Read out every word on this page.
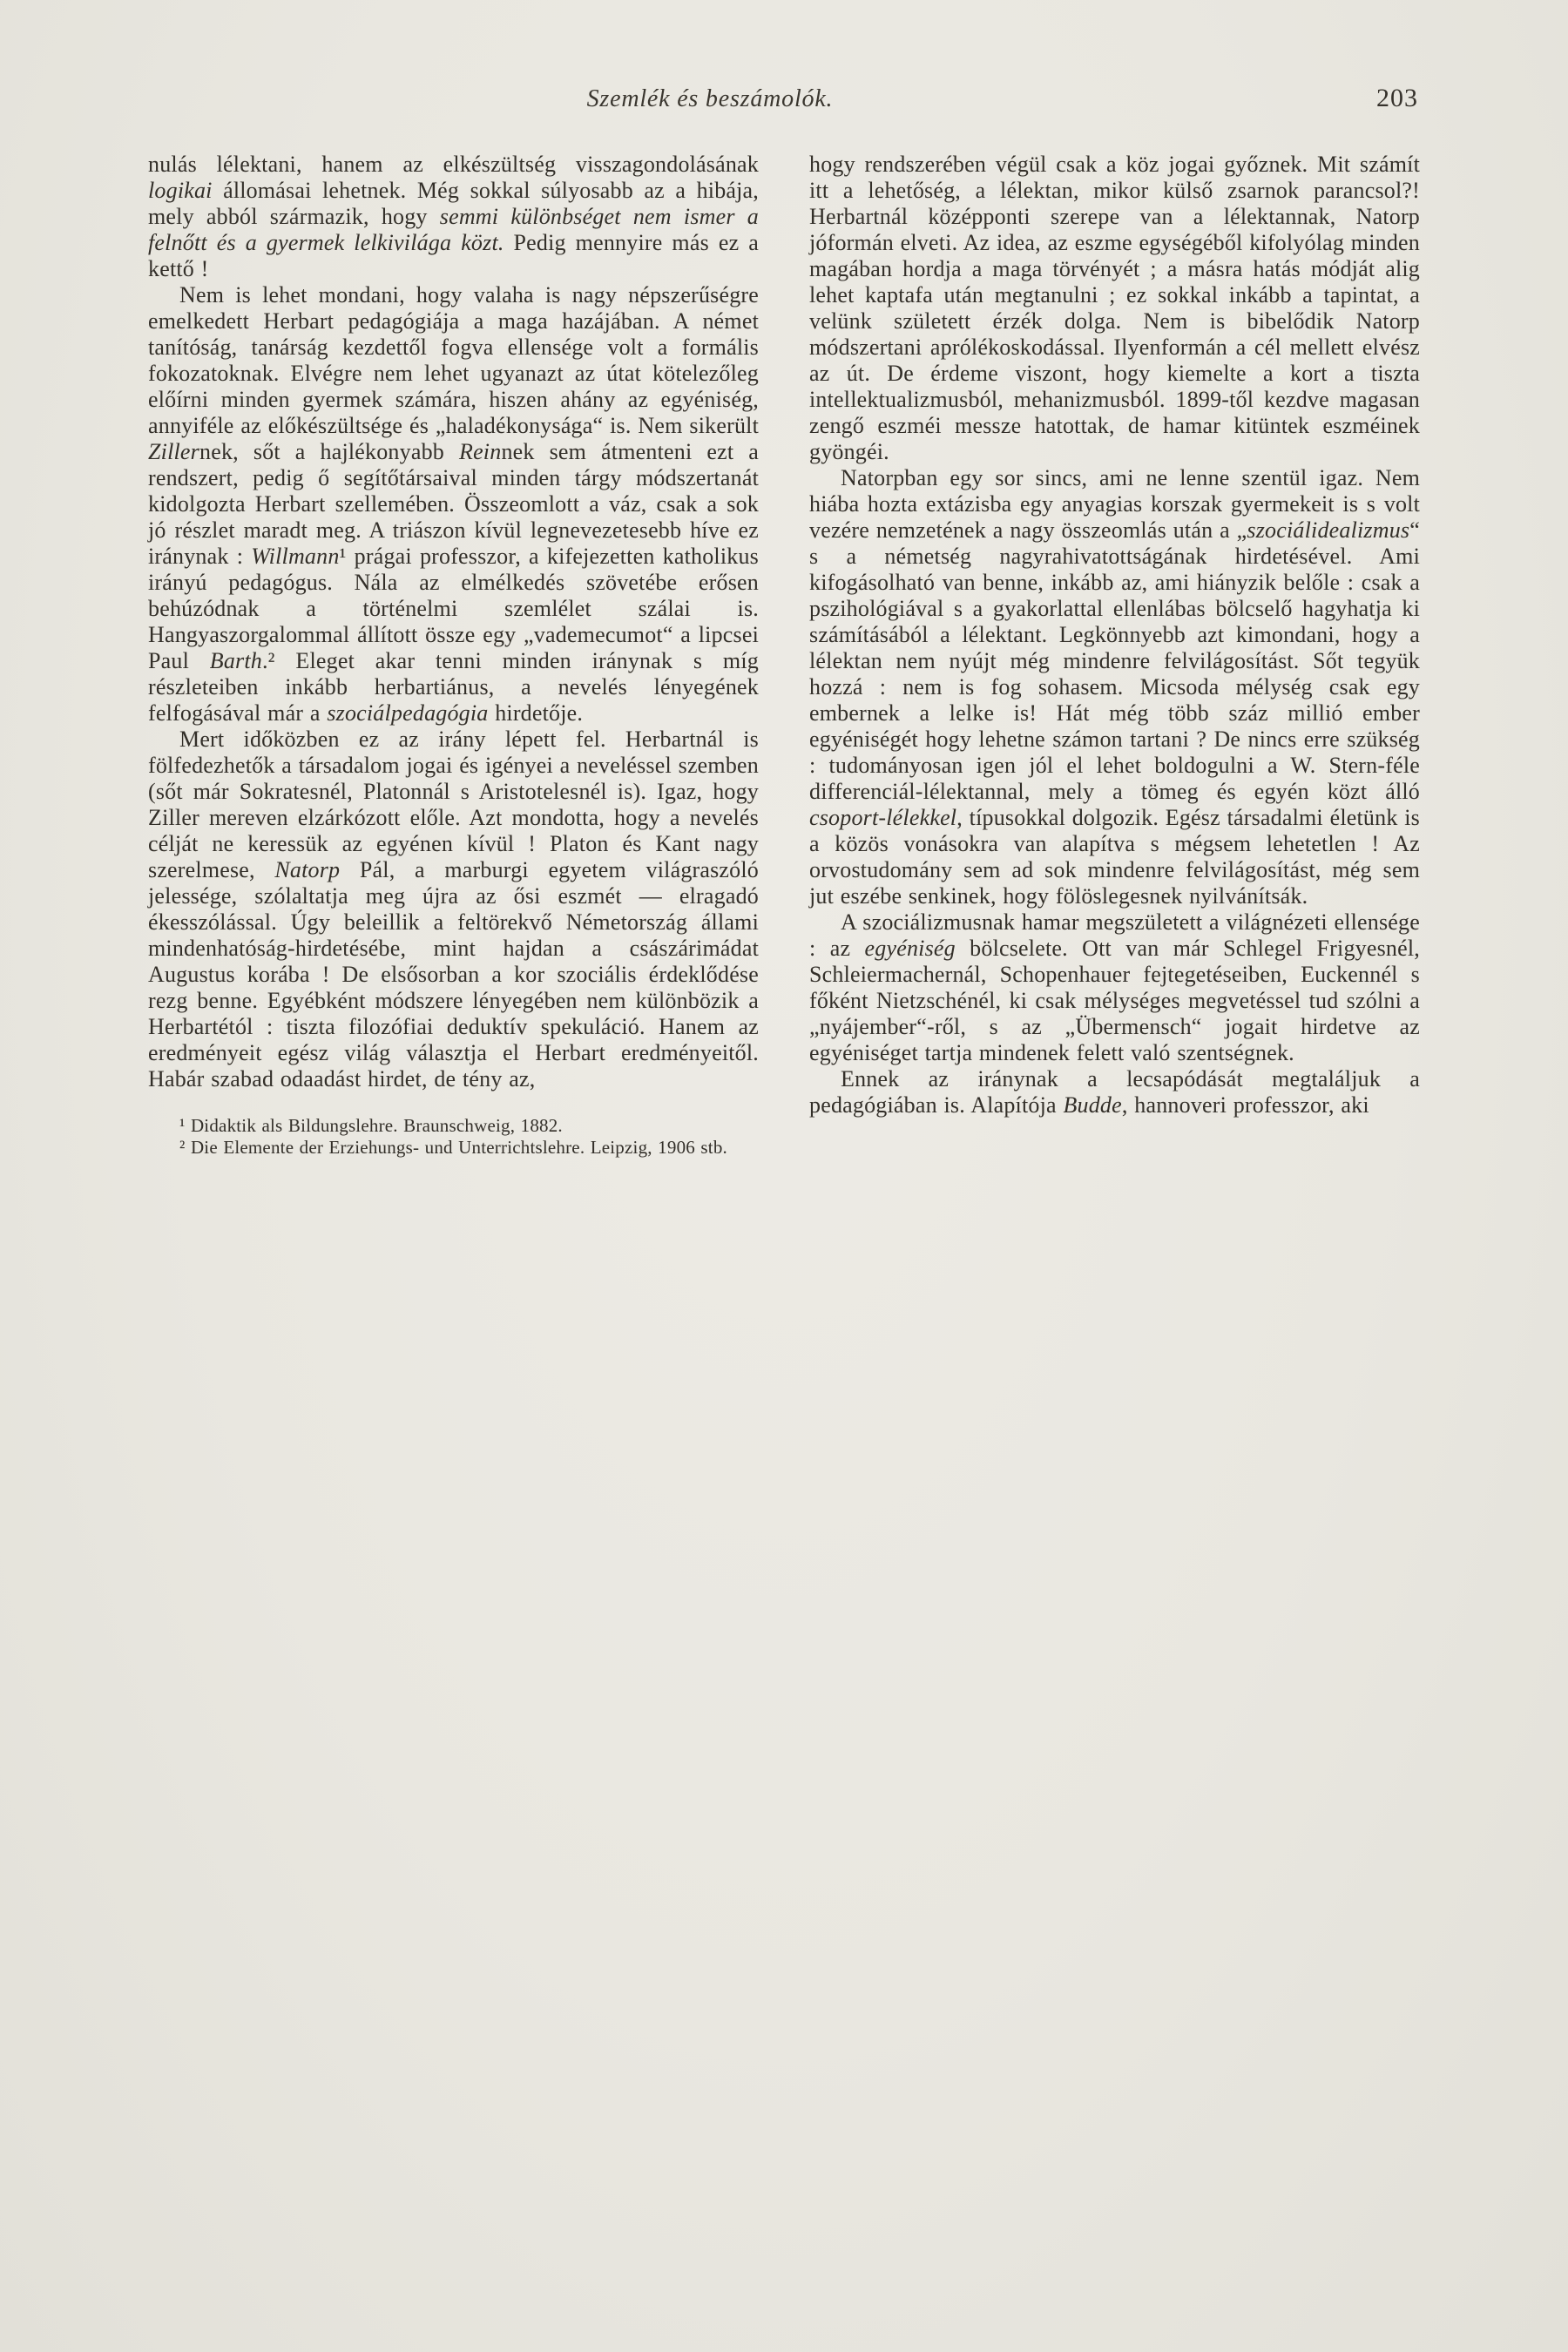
Szemlék és beszámolók.	203

nulás lélektani, hanem az elkészültség visszagondolásának logikai állomásai lehetnek. Még sokkal súlyosabb az a hibája, mely abból származik, hogy semmi különbséget nem ismer a felnőtt és a gyermek lelkivilága közt. Pedig mennyire más ez a kettő !

Nem is lehet mondani, hogy valaha is nagy népszerűségre emelkedett Herbart pedagógiája a maga hazájában. A német tanítóság, tanárság kezdettől fogva ellensége volt a formális fokozatoknak. Elvégre nem lehet ugyanazt az útat kötelezőleg előírni minden gyermek számára, hiszen ahány az egyéniség, annyiféle az előkészültsége és „haladékonysága“ is. Nem sikerült Zillernek, sőt a hajlékonyabb Reinnek sem átmenteni ezt a rendszert, pedig ő segítőtársaival minden tárgy módszertanát kidolgozta Herbart szellemében. Összeomlott a váz, csak a sok jó részlet maradt meg. A triászon kívül legnevezetesebb híve ez iránynak : Willmann¹ prágai professzor, a kifejezetten katholikus irányú pedagógus. Nála az elmélkedés szövetébe erősen behúzódnak a történelmi szemlélet szálai is. Hangyaszorgalommal állított össze egy „vademecumot“ a lipcsei Paul Barth.² Eleget akar tenni minden iránynak s míg részleteiben inkább herbartiánus, a nevelés lényegének felfogásával már a szociálpedagógia hirdetője.

Mert időközben ez az irány lépett fel. Herbartnál is fölfedezhetők a társadalom jogai és igényei a neveléssel szemben (sőt már Sokratesnél, Platonnál s Aristotelesnél is). Igaz, hogy Ziller mereven elzárkózott előle. Azt mondotta, hogy a nevelés célját ne keressük az egyénen kívül ! Platon és Kant nagy szerelmese, Natorp Pál, a marburgi egyetem világraszóló jelessége, szólaltatja meg újra az ősi eszmét — elragadó ékesszólással. Úgy beleillik a feltörekvő Németország állami mindenhatóság-hirdetésébe, mint hajdan a császárimádat Augustus korába ! De elsősorban a kor szociális érdeklődése rezg benne. Egyébként módszere lényegében nem különbözik a Herbartétól : tiszta filozófiai deduktív spekuláció. Hanem az eredményeit egész világ választja el Herbart eredményeitől. Habár szabad odaadást hirdet, de tény az,

¹ Didaktik als Bildungslehre. Braunschweig, 1882.

² Die Elemente der Erziehungs- und Unterrichtslehre. Leipzig, 1906 stb.

hogy rendszerében végül csak a köz jogai győznek. Mit számít itt a lehetőség, a lélektan, mikor külső zsarnok parancsol?! Herbartnál középponti szerepe van a lélektannak, Natorp jóformán elveti. Az idea, az eszme egységéből kifolyólag minden magában hordja a maga törvényét ; a másra hatás módját alig lehet kaptafa után megtanulni ; ez sokkal inkább a tapintat, a velünk született érzék dolga. Nem is bibelődik Natorp módszertani aprólékoskodással. Ilyenformán a cél mellett elvész az út. De érdeme viszont, hogy kiemelte a kort a tiszta intellektualizmusból, mehanizmusból. 1899-től kezdve magasan zengő eszméi messze hatottak, de hamar kitüntek eszméinek gyöngéi.

Natorpban egy sor sincs, ami ne lenne szentül igaz. Nem hiába hozta extázisba egy anyagias korszak gyermekeit is s volt vezére nemzetének a nagy összeomlás után a „szociálidealizmus“ s a németség nagyrahivatottságának hirdetésével. Ami kifogásolható van benne, inkább az, ami hiányzik belőle : csak a pszihológiával s a gyakorlattal ellenlábas bölcselő hagyhatja ki számításából a lélektant. Legkönnyebb azt kimondani, hogy a lélektan nem nyújt még mindenre felvilágosítást. Sőt tegyük hozzá : nem is fog sohasem. Micsoda mélység csak egy embernek a lelke is! Hát még több száz millió ember egyéniségét hogy lehetne számon tartani ? De nincs erre szükség : tudományosan igen jól el lehet boldogulni a W. Stern-féle differenciál-lélektannal, mely a tömeg és egyén közt álló csoport-lélekkel, típusokkal dolgozik. Egész társadalmi életünk is a közös vonásokra van alapítva s mégsem lehetetlen ! Az orvostudomány sem ad sok mindenre felvilágosítást, még sem jut eszébe senkinek, hogy fölöslegesnek nyilvánítsák.

A szociálizmusnak hamar megszületett a világnézeti ellensége : az egyéniség bölcselete. Ott van már Schlegel Frigyesnél, Schleiermachernál, Schopenhauer fejtegetéseiben, Euckennél s főként Nietzschénél, ki csak mélységes megvetéssel tud szólni a „nyájember“-ről, s az „Übermensch“ jogait hirdetve az egyéniséget tartja mindenek felett való szentségnek.

Ennek az iránynak a lecsapódását megtaláljuk a pedagógiában is. Alapítója Budde, hannoveri professzor, aki
